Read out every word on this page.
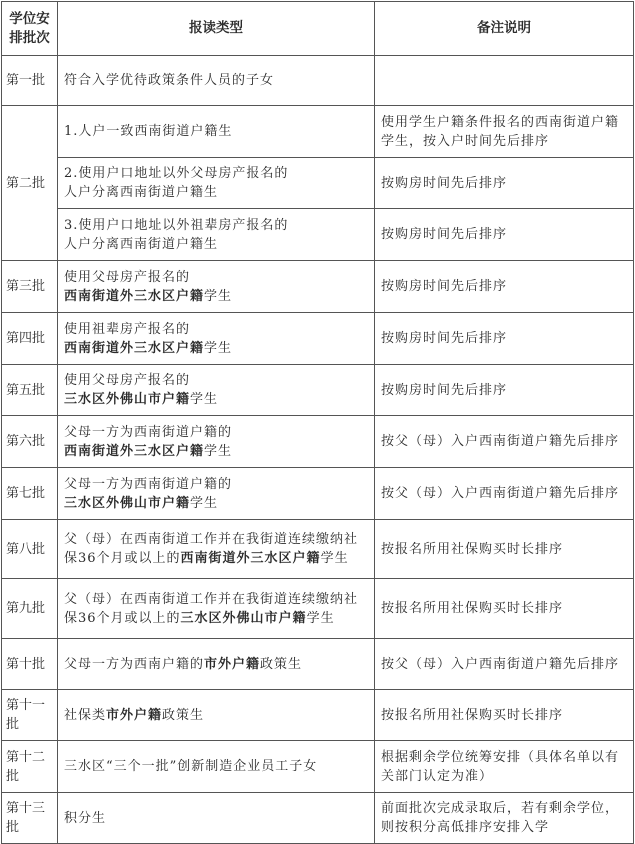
学位安排批次	报读类型	备注说明
第一批	符合入学优待政策条件人员的子女	
第二批	1.人户一致西南街道户籍生	使用学生户籍条件报名的西南街道户籍学生，按入户时间先后排序
	2.使用户口地址以外父母房产报名的
人户分离西南街道户籍生	按购房时间先后排序
	3.使用户口地址以外祖辈房产报名的
人户分离西南街道户籍生	按购房时间先后排序
第三批	使用父母房产报名的
西南街道外三水区户籍学生	按购房时间先后排序
第四批	使用祖辈房产报名的
西南街道外三水区户籍学生	按购房时间先后排序
第五批	使用父母房产报名的
三水区外佛山市户籍学生	按购房时间先后排序
第六批	父母一方为西南街道户籍的
西南街道外三水区户籍学生	按父（母）入户西南街道户籍先后排序
第七批	父母一方为西南街道户籍的
三水区外佛山市户籍学生	按父（母）入户西南街道户籍先后排序
第八批	父（母）在西南街道工作并在我街道连续缴纳社保36个月或以上的西南街道外三水区户籍学生	按报名所用社保购买时长排序
第九批	父（母）在西南街道工作并在我街道连续缴纳社保36个月或以上的三水区外佛山市户籍学生	按报名所用社保购买时长排序
第十批	父母一方为西南户籍的市外户籍政策生	按父（母）入户西南街道户籍先后排序
第十一批	社保类市外户籍政策生	按报名所用社保购买时长排序
第十二批	三水区“三个一批”创新制造企业员工子女	根据剩余学位统筹安排（具体名单以有关部门认定为准）
第十三批	积分生	前面批次完成录取后，若有剩余学位，则按积分高低排序安排入学
